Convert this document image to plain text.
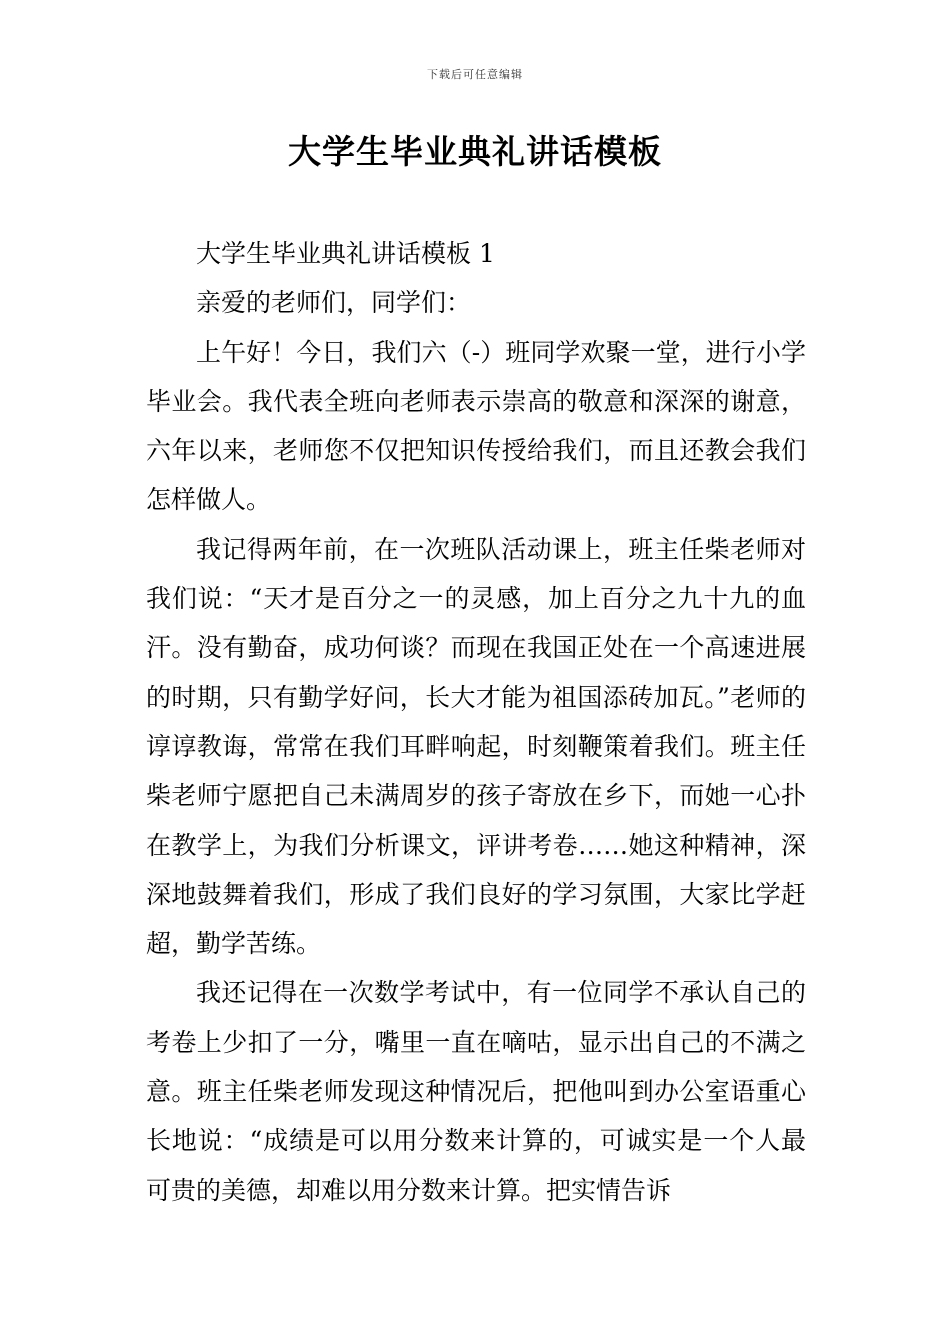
下载后可任意编辑
大学生毕业典礼讲话模板

大学生毕业典礼讲话模板 1

亲爱的老师们，同学们：

上午好！今日，我们六（-）班同学欢聚一堂，进行小学毕业会。我代表全班向老师表示崇高的敬意和深深的谢意，六年以来，老师您不仅把知识传授给我们，而且还教会我们怎样做人。

我记得两年前，在一次班队活动课上，班主任柴老师对我们说：“天才是百分之一的灵感，加上百分之九十九的血汗。没有勤奋，成功何谈？而现在我国正处在一个高速进展的时期，只有勤学好问，长大才能为祖国添砖加瓦。”老师的谆谆教诲，常常在我们耳畔响起，时刻鞭策着我们。班主任柴老师宁愿把自己未满周岁的孩子寄放在乡下，而她一心扑在教学上，为我们分析课文，评讲考卷……她这种精神，深深地鼓舞着我们，形成了我们良好的学习氛围，大家比学赶超，勤学苦练。

我还记得在一次数学考试中，有一位同学不承认自己的考卷上少扣了一分，嘴里一直在嘀咕，显示出自己的不满之意。班主任柴老师发现这种情况后，把他叫到办公室语重心长地说：“成绩是可以用分数来计算的，可诚实是一个人最可贵的美德，却难以用分数来计算。把实情告诉
